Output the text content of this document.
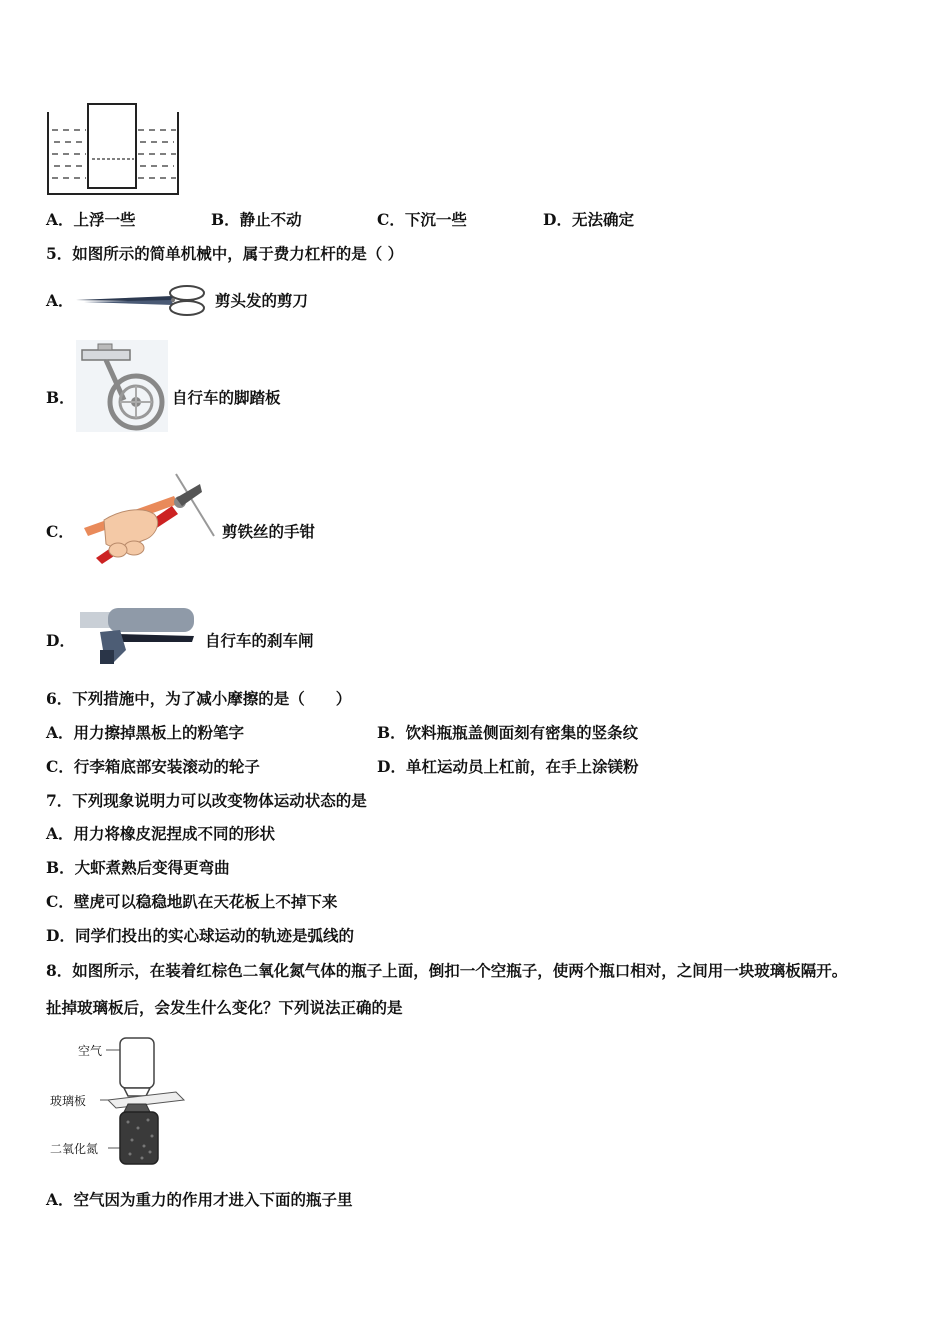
A．上浮一些	B．静止不动	C．下沉一些	D．无法确定
5．如图所示的简单机械中，属于费力杠杆的是（ ）
A．	剪头发的剪刀
B．	自行车的脚踏板
C．	剪铁丝的手钳
D．	自行车的刹车闸
6．下列措施中，为了减小摩擦的是（　　）
A．用力擦掉黑板上的粉笔字	B．饮料瓶瓶盖侧面刻有密集的竖条纹
C．行李箱底部安装滚动的轮子	D．单杠运动员上杠前，在手上涂镁粉
7．下列现象说明力可以改变物体运动状态的是
A．用力将橡皮泥捏成不同的形状
B．大虾煮熟后变得更弯曲
C．壁虎可以稳稳地趴在天花板上不掉下来
D．同学们投出的实心球运动的轨迹是弧线的
8．如图所示，在装着红棕色二氧化氮气体的瓶子上面，倒扣一个空瓶子，使两个瓶口相对，之间用一块玻璃板隔开。
扯掉玻璃板后，会发生什么变化？下列说法正确的是
空气
玻璃板
二氧化氮
A．空气因为重力的作用才进入下面的瓶子里
